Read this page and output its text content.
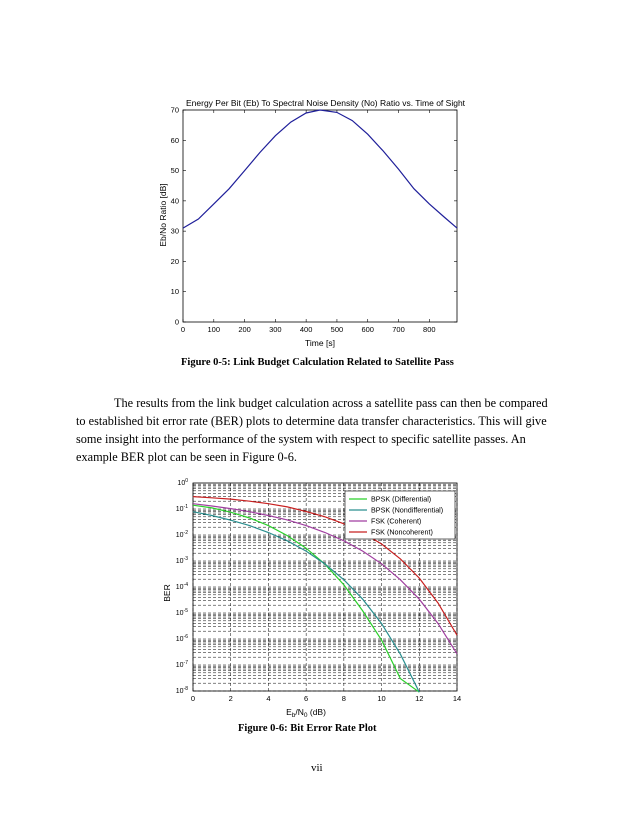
Energy Per Bit (Eb) To Spectral Noise Density (No) Ratio vs. Time of Sight
0	100 200 300 400 500 600 700 800
0
10
20
30
40
50
60
70
Time [s]
Eb/No Ratio [dB]
Figure 0-5: Link Budget Calculation Related to Satellite Pass
The results from the link budget calculation across a satellite pass can then be compared
to established bit error rate (BER) plots to determine data transfer characteristics. This will give
some insight into the performance of the system with respect to specific satellite passes. An
example BER plot can be seen in Figure 0-6.
0	2	4	6	8	10	12	14
$10^0$
$10^{-1}$
$10^{-2}$
$10^{-3}$
$10^{-4}$
$10^{-5}$
$10^{-6}$
$10^{-7}$
$10^{-8}$
BPSK (Differential)
BPSK (Nondifferential)
FSK (Coherent)
FSK (Noncoherent)
$E_b/N_0$ (dB)
BER
Figure 0-6: Bit Error Rate Plot
vii
